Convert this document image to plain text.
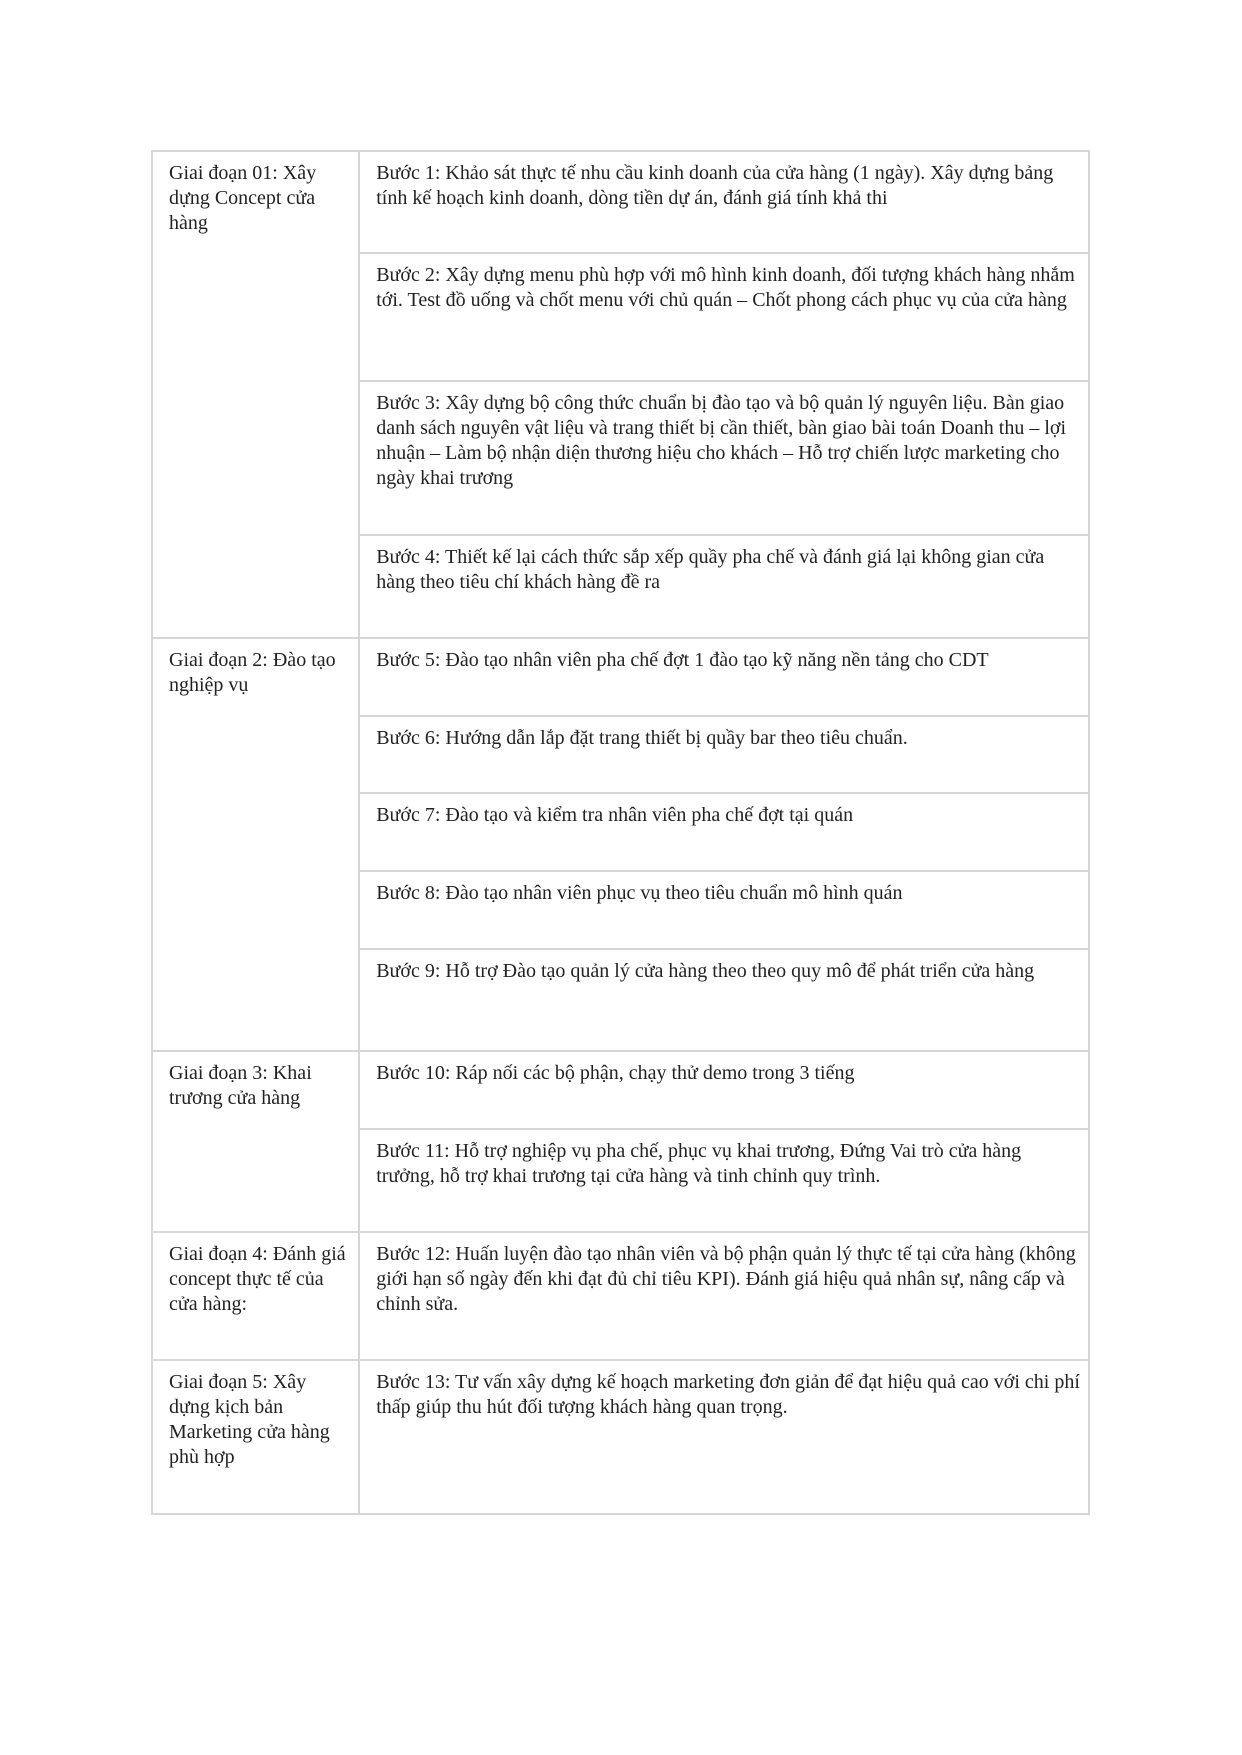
Giai đoạn 01: Xây dựng Concept cửa hàng	Bước 1: Khảo sát thực tế nhu cầu kinh doanh của cửa hàng (1 ngày). Xây dựng bảng tính kế hoạch kinh doanh, dòng tiền dự án, đánh giá tính khả thi
	Bước 2: Xây dựng menu phù hợp với mô hình kinh doanh, đối tượng khách hàng nhắm tới. Test đồ uống và chốt menu với chủ quán – Chốt phong cách phục vụ của cửa hàng
	Bước 3: Xây dựng bộ công thức chuẩn bị đào tạo và bộ quản lý nguyên liệu. Bàn giao danh sách nguyên vật liệu và trang thiết bị cần thiết, bàn giao bài toán Doanh thu – lợi nhuận – Làm bộ nhận diện thương hiệu cho khách – Hỗ trợ chiến lược marketing cho ngày khai trương
	Bước 4: Thiết kế lại cách thức sắp xếp quầy pha chế và đánh giá lại không gian cửa hàng theo tiêu chí khách hàng đề ra
Giai đoạn 2: Đào tạo nghiệp vụ	Bước 5: Đào tạo nhân viên pha chế đợt 1 đào tạo kỹ năng nền tảng cho CDT
	Bước 6: Hướng dẫn lắp đặt trang thiết bị quầy bar theo tiêu chuẩn.
	Bước 7: Đào tạo và kiểm tra nhân viên pha chế đợt tại quán
	Bước 8: Đào tạo nhân viên phục vụ theo tiêu chuẩn mô hình quán
	Bước 9: Hỗ trợ Đào tạo quản lý cửa hàng theo theo quy mô để phát triển cửa hàng
Giai đoạn 3: Khai trương cửa hàng	Bước 10: Ráp nối các bộ phận, chạy thử demo trong 3 tiếng
	Bước 11: Hỗ trợ nghiệp vụ pha chế, phục vụ khai trương, Đứng Vai trò cửa hàng trưởng, hỗ trợ khai trương tại cửa hàng và tinh chỉnh quy trình.
Giai đoạn 4: Đánh giá concept thực tế của cửa hàng:	Bước 12: Huấn luyện đào tạo nhân viên và bộ phận quản lý thực tế tại cửa hàng (không giới hạn số ngày đến khi đạt đủ chỉ tiêu KPI). Đánh giá hiệu quả nhân sự, nâng cấp và chỉnh sửa.
Giai đoạn 5: Xây dựng kịch bản Marketing cửa hàng phù hợp	Bước 13: Tư vấn xây dựng kế hoạch marketing đơn giản để đạt hiệu quả cao với chi phí thấp giúp thu hút đối tượng khách hàng quan trọng.
